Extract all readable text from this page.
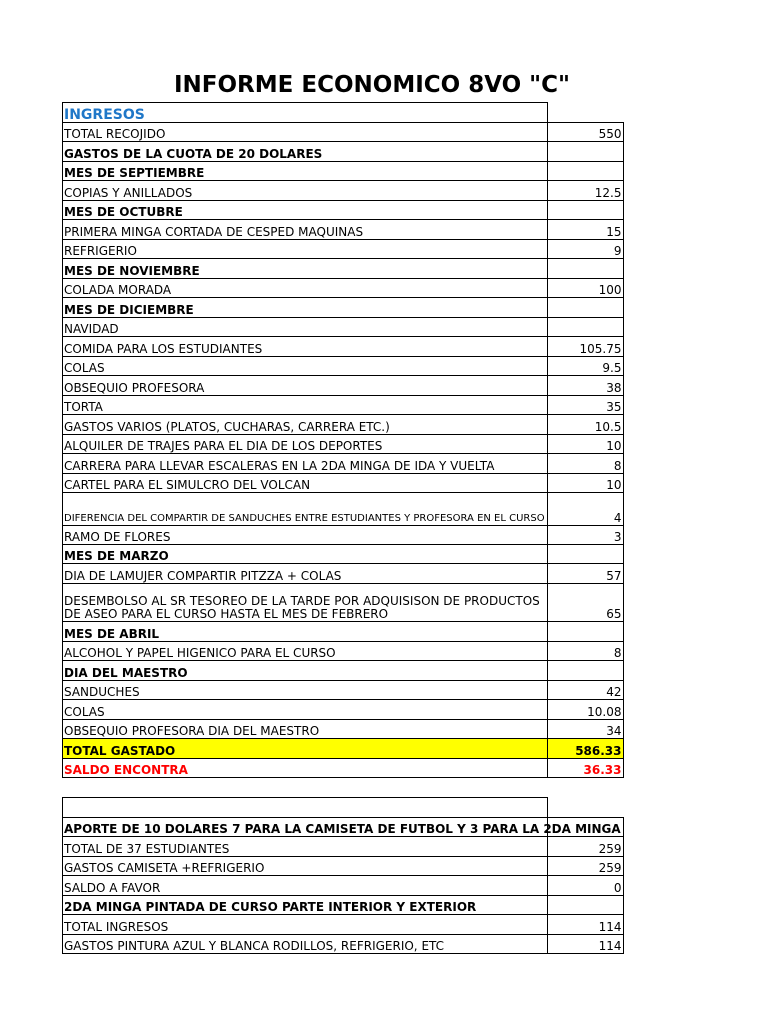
INFORME ECONOMICO 8VO "C"
INGRESOS	
TOTAL RECOJIDO	550
GASTOS DE LA CUOTA DE 20 DOLARES	
MES DE SEPTIEMBRE	
COPIAS Y ANILLADOS	12.5
MES DE OCTUBRE	
PRIMERA MINGA CORTADA DE CESPED MAQUINAS	15
REFRIGERIO	9
MES DE NOVIEMBRE	
COLADA MORADA	100
MES DE DICIEMBRE	
NAVIDAD	
COMIDA PARA LOS ESTUDIANTES	105.75
COLAS	9.5
OBSEQUIO PROFESORA	38
TORTA	35
GASTOS VARIOS (PLATOS, CUCHARAS, CARRERA ETC.)	10.5
ALQUILER DE TRAJES PARA EL DIA DE LOS DEPORTES	10
CARRERA PARA LLEVAR ESCALERAS EN LA 2DA MINGA DE IDA Y VUELTA	8
CARTEL PARA EL SIMULCRO DEL VOLCAN	10
DIFERENCIA DEL COMPARTIR DE SANDUCHES ENTRE ESTUDIANTES Y PROFESORA EN EL CURSO	4
RAMO DE FLORES	3
MES DE MARZO	
DIA DE LAMUJER COMPARTIR PITZZA + COLAS	57
DESEMBOLSO AL SR TESOREO DE LA TARDE POR ADQUISISON DE PRODUCTOS DE ASEO PARA EL CURSO HASTA EL MES DE FEBRERO	65
MES DE ABRIL	
ALCOHOL Y PAPEL HIGENICO PARA EL CURSO	8
DIA DEL MAESTRO	
SANDUCHES	42
COLAS	10.08
OBSEQUIO PROFESORA DIA DEL MAESTRO	34
TOTAL GASTADO	586.33
SALDO ENCONTRA	36.33

APORTE DE 10 DOLARES 7 PARA LA CAMISETA DE FUTBOL Y 3 PARA LA 2DA MINGA	
TOTAL DE 37 ESTUDIANTES	259
GASTOS CAMISETA +REFRIGERIO	259
SALDO A FAVOR	0
2DA MINGA PINTADA DE CURSO PARTE INTERIOR Y EXTERIOR	
TOTAL INGRESOS	114
GASTOS PINTURA AZUL Y BLANCA RODILLOS, REFRIGERIO, ETC	114
